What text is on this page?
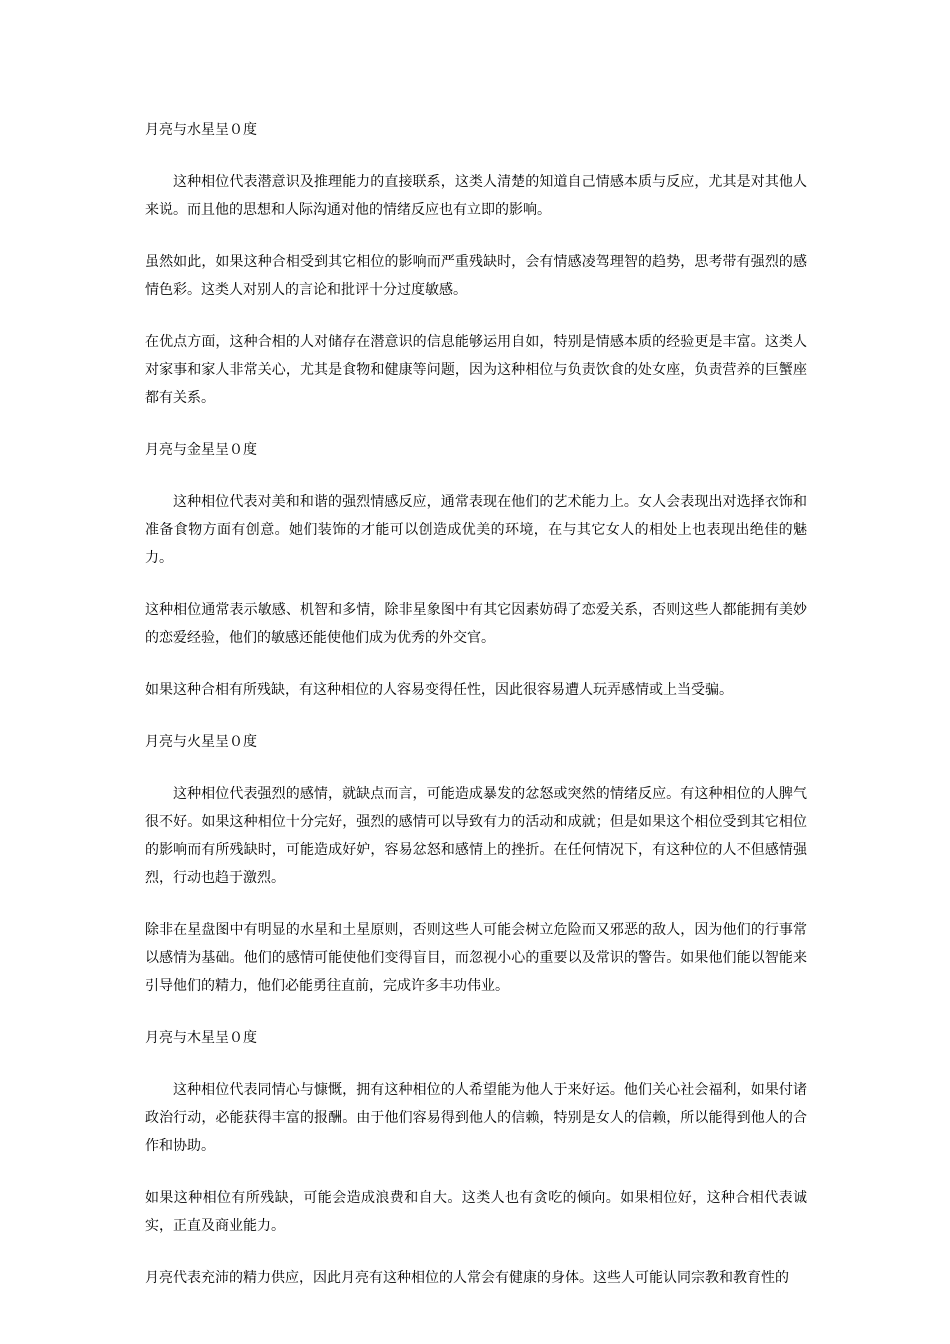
月亮与水星呈０度

这种相位代表潜意识及推理能力的直接联系，这类人清楚的知道自己情感本质与反应，尤其是对其他人来说。而且他的思想和人际沟通对他的情绪反应也有立即的影响。

虽然如此，如果这种合相受到其它相位的影响而严重残缺时，会有情感凌驾理智的趋势，思考带有强烈的感情色彩。这类人对别人的言论和批评十分过度敏感。

在优点方面，这种合相的人对储存在潜意识的信息能够运用自如，特别是情感本质的经验更是丰富。这类人对家事和家人非常关心，尤其是食物和健康等问题，因为这种相位与负责饮食的处女座，负责营养的巨蟹座都有关系。

月亮与金星呈０度

这种相位代表对美和和谐的强烈情感反应，通常表现在他们的艺术能力上。女人会表现出对选择衣饰和准备食物方面有创意。她们装饰的才能可以创造成优美的环境，在与其它女人的相处上也表现出绝佳的魅力。

这种相位通常表示敏感、机智和多情，除非星象图中有其它因素妨碍了恋爱关系，否则这些人都能拥有美妙的恋爱经验，他们的敏感还能使他们成为优秀的外交官。

如果这种合相有所残缺，有这种相位的人容易变得任性，因此很容易遭人玩弄感情或上当受骗。

月亮与火星呈０度

这种相位代表强烈的感情，就缺点而言，可能造成暴发的忿怒或突然的情绪反应。有这种相位的人脾气很不好。如果这种相位十分完好，强烈的感情可以导致有力的活动和成就；但是如果这个相位受到其它相位的影响而有所残缺时，可能造成好妒，容易忿怒和感情上的挫折。在任何情况下，有这种位的人不但感情强烈，行动也趋于激烈。

除非在星盘图中有明显的水星和土星原则，否则这些人可能会树立危险而又邪恶的敌人，因为他们的行事常以感情为基础。他们的感情可能使他们变得盲目，而忽视小心的重要以及常识的警告。如果他们能以智能来引导他们的精力，他们必能勇往直前，完成许多丰功伟业。

月亮与木星呈０度

这种相位代表同情心与慷慨，拥有这种相位的人希望能为他人于来好运。他们关心社会福利，如果付诸政治行动，必能获得丰富的报酬。由于他们容易得到他人的信赖，特别是女人的信赖，所以能得到他人的合作和协助。

如果这种相位有所残缺，可能会造成浪费和自大。这类人也有贪吃的倾向。如果相位好，这种合相代表诚实，正直及商业能力。

月亮代表充沛的精力供应，因此月亮有这种相位的人常会有健康的身体。这些人可能认同宗教和教育性的
